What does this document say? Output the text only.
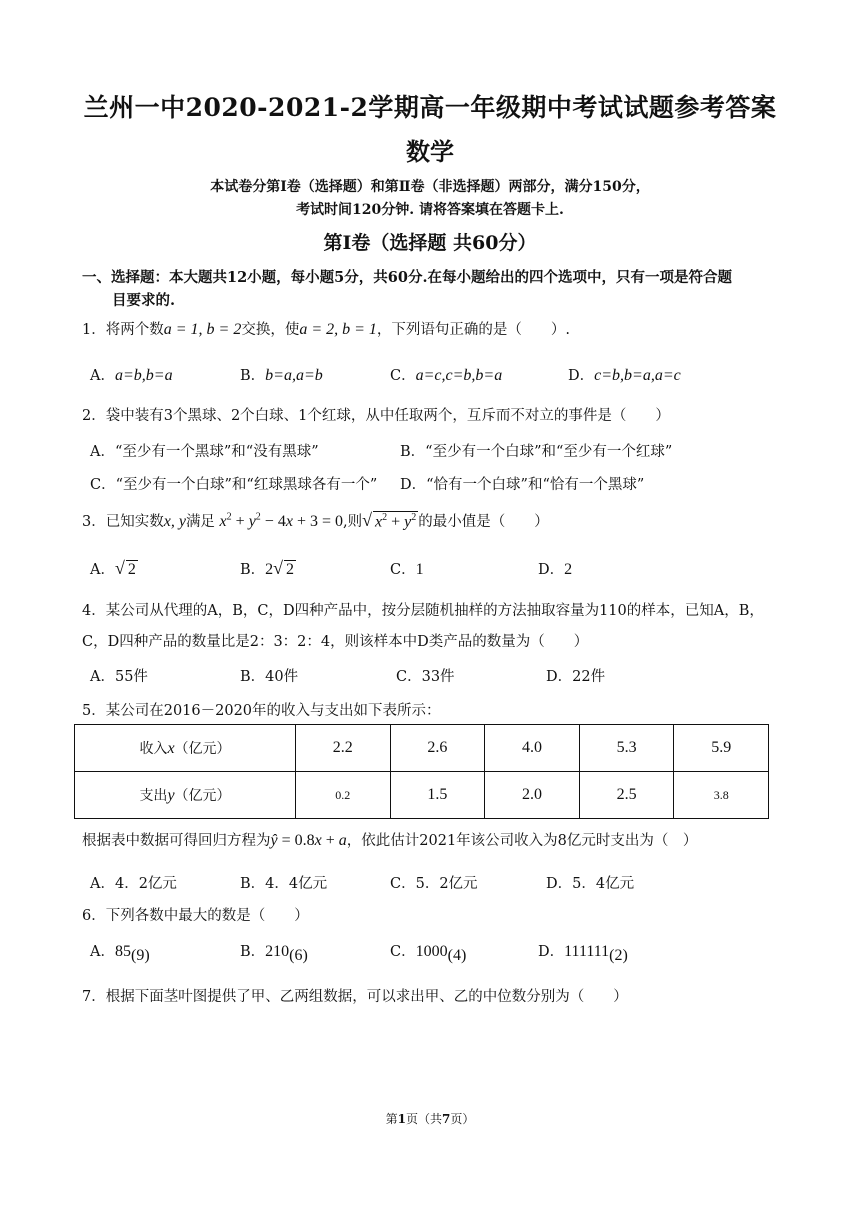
兰州一中2020-2021-2学期高一年级期中考试试题参考答案
数学
本试卷分第Ⅰ卷（选择题）和第Ⅱ卷（非选择题）两部分，满分150分，
考试时间120分钟. 请将答案填在答题卡上.
第Ⅰ卷（选择题 共60分）
一、选择题：本大题共12小题，每小题5分，共60分.在每小题给出的四个选项中，只有一项是符合题
目要求的.
1．将两个数a = 1, b = 2交换，使a = 2, b = 1，下列语句正确的是（　　）.
A．a=b,b=a	B．b=a,a=b	C．a=c,c=b,b=a	D．c=b,b=a,a=c
2．袋中装有3个黑球、2个白球、1个红球，从中任取两个，互斥而不对立的事件是（　　）
A．“至少有一个黑球”和“没有黑球”	B．“至少有一个白球”和“至少有一个红球”
C．“至少有一个白球”和“红球黑球各有一个” D．“恰有一个白球”和“恰有一个黑球”
3．已知实数x, y满足 $x^2 + y^2 - 4x + 3 = 0$,则√ $x^2 + y^2$ 的最小值是（　　）
A．√ 2	B．2√ 2	C．1	D．2
4．某公司从代理的A，B，C，D四种产品中，按分层随机抽样的方法抽取容量为110的样本，已知A，B，
C，D四种产品的数量比是2：3：2：4，则该样本中D类产品的数量为（　　）
A．55件	B．40件	C．33件	D．22件
5．某公司在2016－2020年的收入与支出如下表所示：
收入x（亿元）	2.2	2.6	4.0	5.3	5.9
支出y（亿元）	0.2	1.5	2.0	2.5	3.8
根据表中数据可得回归方程为ŷ = 0.8x + a，依此估计2021年该公司收入为8亿元时支出为（　）
A．4．2亿元	B．4．4亿元	C．5．2亿元	D．5．4亿元
6．下列各数中最大的数是（　　）
A．$85_{(9)}$	B．$210_{(6)}$	C．$1000_{(4)}$	D．$111111_{(2)}$
7．根据下面茎叶图提供了甲、乙两组数据，可以求出甲、乙的中位数分别为（　　）
第1页（共7页）
